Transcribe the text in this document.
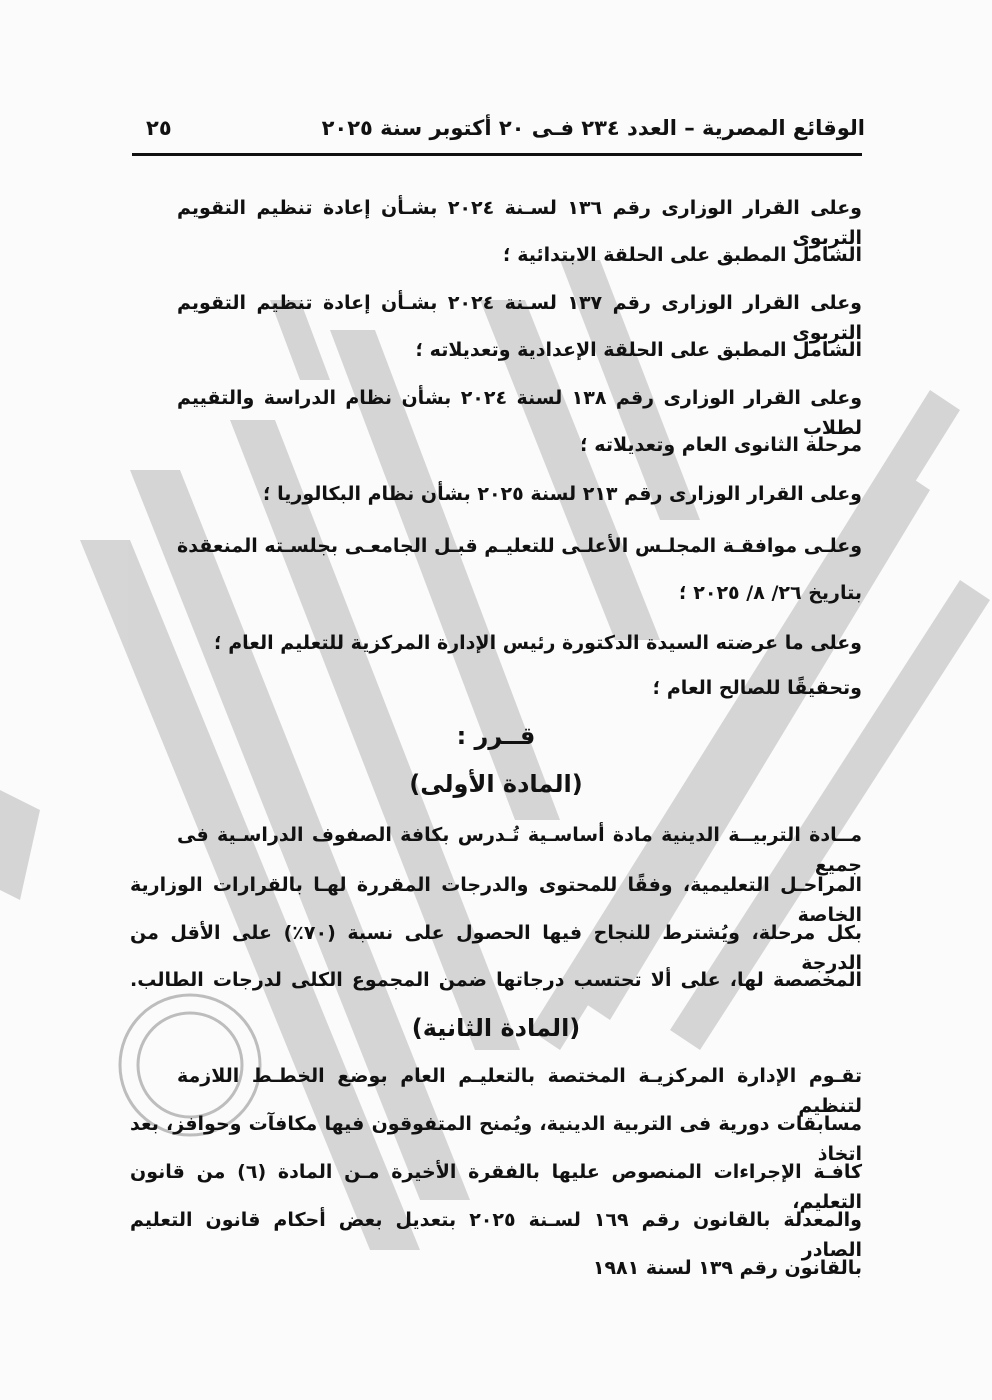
الوقائع المصرية – العدد ٢٣٤ فـى ٢٠ أكتوبر سنة ٢٠٢٥
٢٥
وعلى القرار الوزارى رقم ١٣٦ لسـنة ٢٠٢٤ بشـأن إعادة تنظيم التقويم التربوى
الشامل المطبق على الحلقة الابتدائية ؛
وعلى القرار الوزارى رقم ١٣٧ لسـنة ٢٠٢٤ بشـأن إعادة تنظيم التقويم التربوى
الشامل المطبق على الحلقة الإعدادية وتعديلاته ؛
وعلى القرار الوزارى رقم ١٣٨ لسنة ٢٠٢٤ بشأن نظام الدراسة والتقييم لطلاب
مرحلة الثانوى العام وتعديلاته ؛
وعلى القرار الوزارى رقم ٢١٣ لسنة ٢٠٢٥ بشأن نظام البكالوريا ؛
وعلـى موافقـة المجلـس الأعلـى للتعليـم قبـل الجامعـى بجلسـته المنعقدة
بتاريخ ٢٦/ ٨/ ٢٠٢٥ ؛
وعلى ما عرضته السيدة الدكتورة رئيس الإدارة المركزية للتعليم العام ؛
وتحقيقًا للصالح العام ؛
قــرر :
(المادة الأولى)
مــادة التربيــة الدينية مادة أساسـية تُـدرس بكافة الصفوف الدراسـية فى جميع
المراحـل التعليمية، وفقًا للمحتوى والدرجات المقررة لهـا بالقرارات الوزارية الخاصة
بكل مرحلة، ويُشترط للنجاح فيها الحصول على نسبة (٧٠٪) على الأقل من الدرجة
المخصصة لها، على ألا تحتسب درجاتها ضمن المجموع الكلى لدرجات الطالب.
(المادة الثانية)
تقـوم الإدارة المركزيـة المختصة بالتعليـم العام بوضع الخطـط اللازمة لتنظيم
مسابقات دورية فى التربية الدينية، ويُمنح المتفوقون فيها مكافآت وحوافز، بعد اتخاذ
كافـة الإجراءات المنصوص عليها بالفقرة الأخيرة مـن المادة (٦) من قانون التعليم،
والمعدلة بالقانون رقم ١٦٩ لسـنة ٢٠٢٥ بتعديل بعض أحكام قانون التعليم الصادر
بالقانون رقم ١٣٩ لسنة ١٩٨١
